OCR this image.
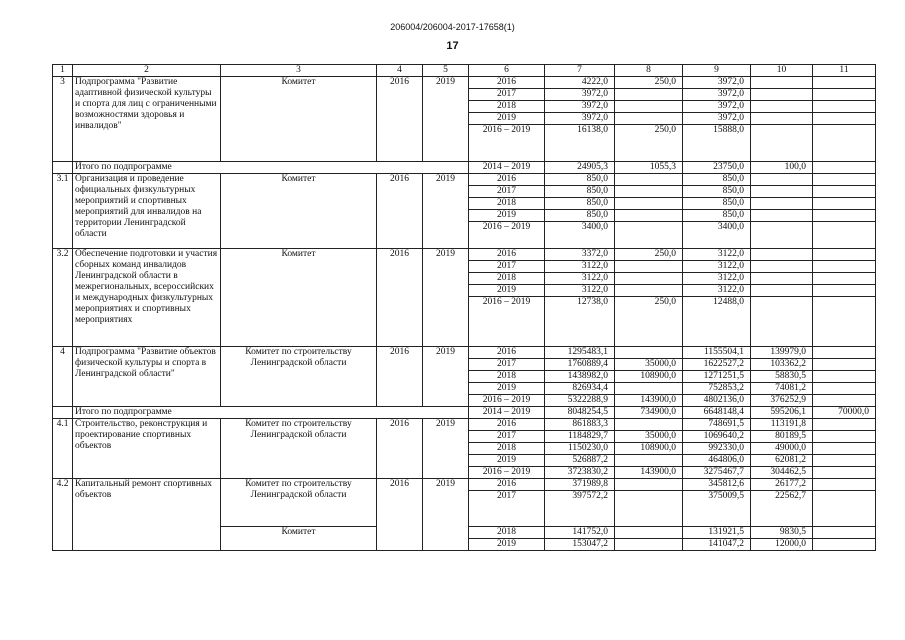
206004/206004-2017-17658(1)
17
1	2	3	4	5	6	7	8	9	10	11
3	Подпрограмма "Развитие адаптивной физической культуры и спорта для лиц с ограниченными возможностями здоровья и инвалидов"	Комитет	2016	2019	2016	4222,0	250,0	3972,0		
					2017	3972,0		3972,0		
					2018	3972,0		3972,0		
					2019	3972,0		3972,0		
					2016 – 2019	16138,0	250,0	15888,0		
	Итого по подпрограмме				2014 – 2019	24905,3	1055,3	23750,0	100,0	
3.1	Организация и проведение официальных физкультурных мероприятий и спортивных мероприятий для инвалидов на территории Ленинградской области	Комитет	2016	2019	2016	850,0		850,0		
					2017	850,0		850,0		
					2018	850,0		850,0		
					2019	850,0		850,0		
					2016 – 2019	3400,0		3400,0		
3.2	Обеспечение подготовки и участия сборных команд инвалидов Ленинградской области в межрегиональных, всероссийских и международных физкультурных мероприятиях и спортивных мероприятиях	Комитет	2016	2019	2016	3372,0	250,0	3122,0		
					2017	3122,0		3122,0		
					2018	3122,0		3122,0		
					2019	3122,0		3122,0		
					2016 – 2019	12738,0	250,0	12488,0		
4	Подпрограмма "Развитие объектов физической культуры и спорта в Ленинградской области"	Комитет по строительству Ленинградской области	2016	2019	2016	1295483,1		1155504,1	139979,0	
					2017	1760889,4	35000,0	1622527,2	103362,2	
					2018	1438982,0	108900,0	1271251,5	58830,5	
					2019	826934,4		752853,2	74081,2	
					2016 – 2019	5322288,9	143900,0	4802136,0	376252,9	
	Итого по подпрограмме				2014 – 2019	8048254,5	734900,0	6648148,4	595206,1	70000,0
4.1	Строительство, реконструкция и проектирование спортивных объектов	Комитет по строительству Ленинградской области	2016	2019	2016	861883,3		748691,5	113191,8	
					2017	1184829,7	35000,0	1069640,2	80189,5	
					2018	1150230,0	108900,0	992330,0	49000,0	
					2019	526887,2		464806,0	62081,2	
					2016 – 2019	3723830,2	143900,0	3275467,7	304462,5	
4.2	Капитальный ремонт спортивных объектов	Комитет по строительству Ленинградской области	2016	2019	2016	371989,8		345812,6	26177,2	
					2017	397572,2		375009,5	22562,7	
		Комитет			2018	141752,0		131921,5	9830,5	
					2019	153047,2		141047,2	12000,0	
